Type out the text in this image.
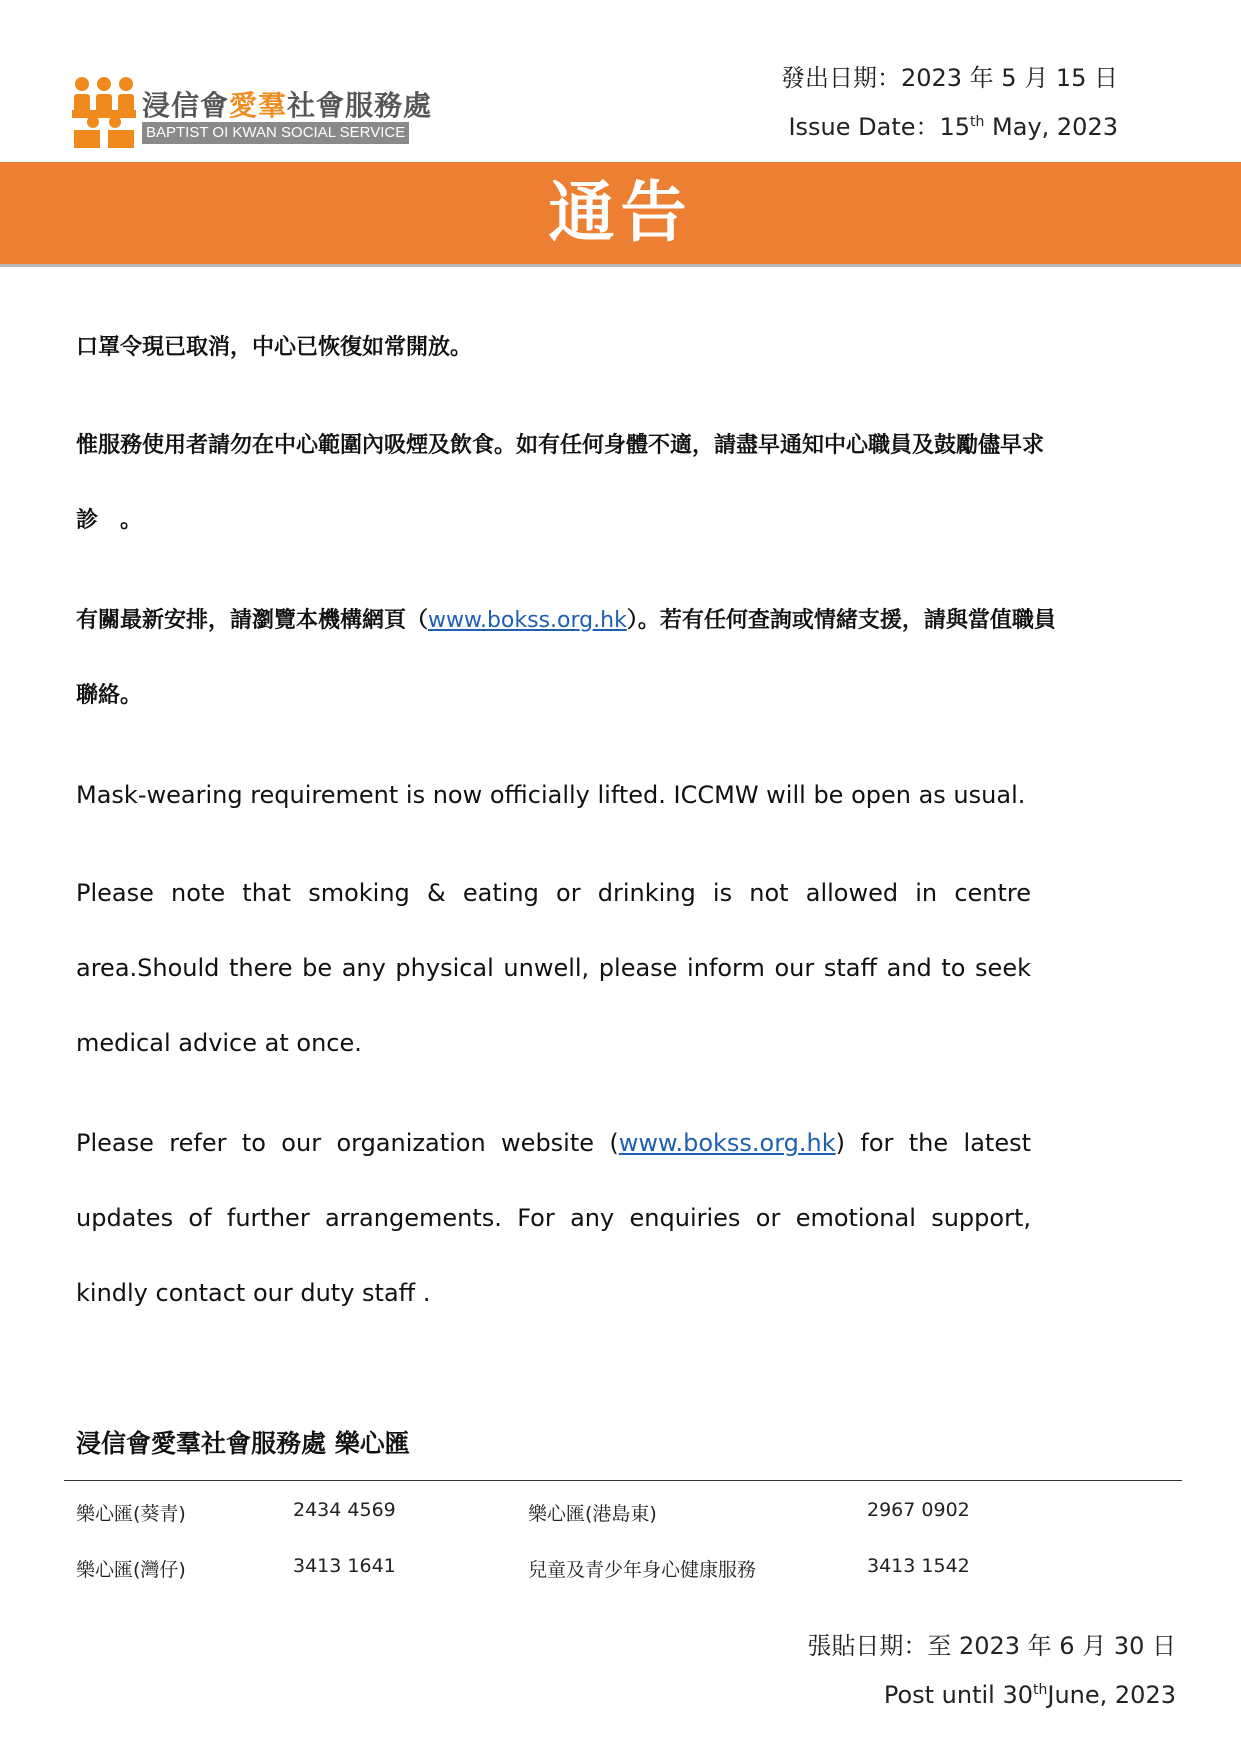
浸信會愛羣社會服務處
BAPTIST OI KWAN SOCIAL SERVICE
發出日期：2023 年 5 月 15 日
Issue Date：15th May, 2023
通告
口罩令現已取消，中心已恢復如常開放。
惟服務使用者請勿在中心範圍內吸煙及飲食。如有任何身體不適，請盡早通知中心職員及鼓勵儘早求診　。
有關最新安排，請瀏覽本機構網頁（www.bokss.org.hk）。若有任何查詢或情緒支援，請與當值職員聯絡。
Mask-wearing requirement is now officially lifted. ICCMW will be open as usual.
Please note that smoking & eating or drinking is not allowed in centre area.Should there be any physical unwell, please inform our staff and to seek medical advice at once.
Please refer to our organization website (www.bokss.org.hk) for the latest updates of further arrangements. For any enquiries or emotional support, kindly contact our duty staff .
浸信會愛羣社會服務處 樂心匯
樂心匯(葵青)	2434 4569	樂心匯(港島東)	2967 0902
樂心匯(灣仔)	3413 1641	兒童及青少年身心健康服務	3413 1542
張貼日期：至 2023 年 6 月 30 日
Post until 30thJune, 2023
